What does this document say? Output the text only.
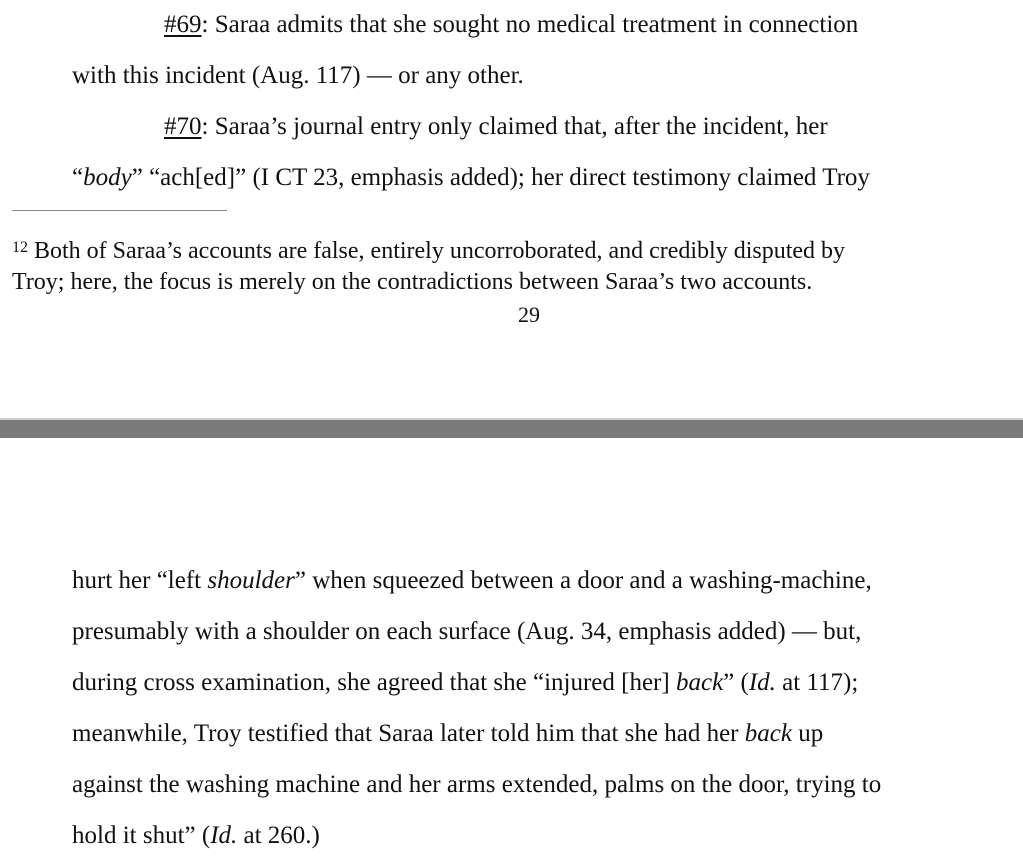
#69: Saraa admits that she sought no medical treatment in connection
with this incident (Aug. 117) — or any other.
#70: Saraa’s journal entry only claimed that, after the incident, her
“body” “ach[ed]” (I CT 23, emphasis added); her direct testimony claimed Troy
$^{12}$ Both of Saraa’s accounts are false, entirely uncorroborated, and credibly disputed by
Troy; here, the focus is merely on the contradictions between Saraa’s two accounts.
29
hurt her “left shoulder” when squeezed between a door and a washing-machine,
presumably with a shoulder on each surface (Aug. 34, emphasis added) — but,
during cross examination, she agreed that she “injured [her] back” (Id. at 117);
meanwhile, Troy testified that Saraa later told him that she had her back up
against the washing machine and her arms extended, palms on the door, trying to
hold it shut” (Id. at 260.)
